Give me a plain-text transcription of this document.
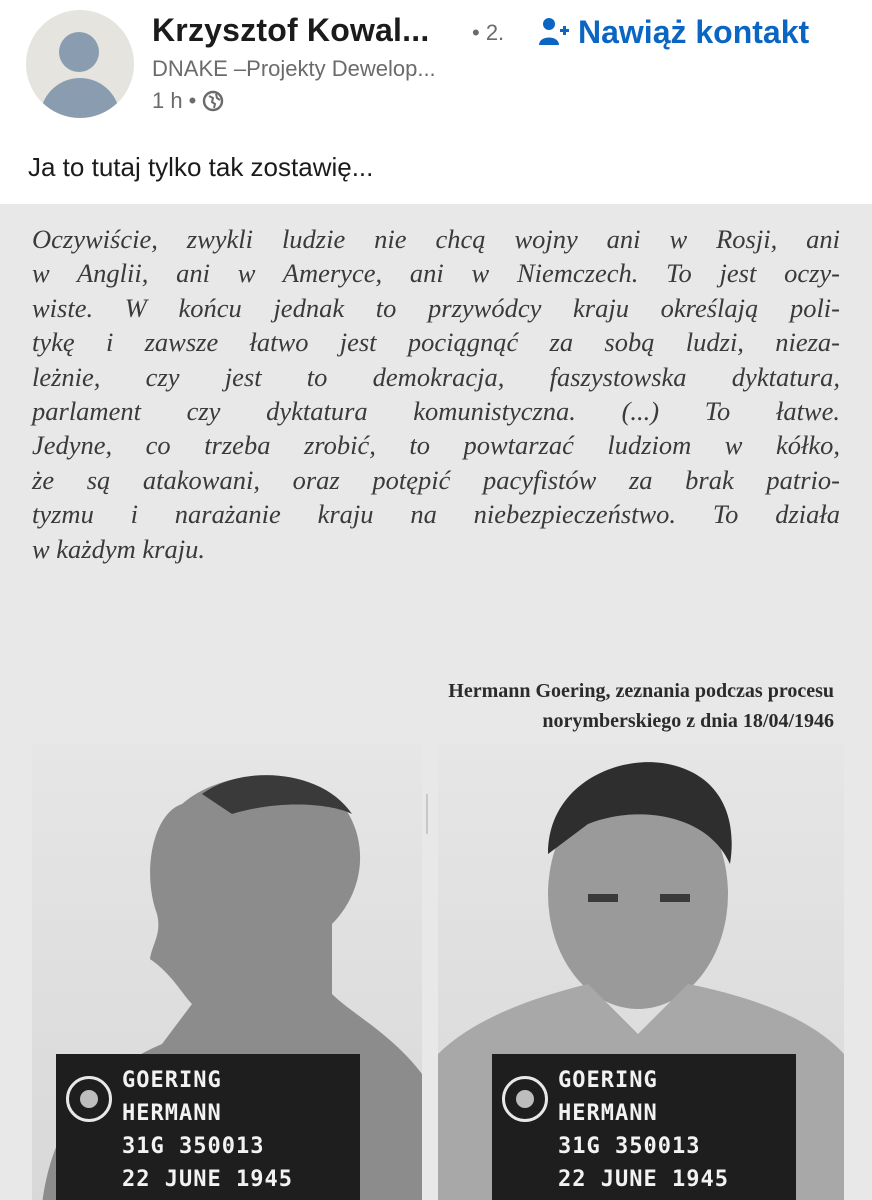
Krzysztof Kowal... • 2. Nawiąż kontakt
DNAKE –Projekty Dewelop...
1 h •
Ja to tutaj tylko tak zostawię...
Oczywiście, zwykli ludzie nie chcą wojny ani w Rosji, ani
w Anglii, ani w Ameryce, ani w Niemczech. To jest oczy-
wiste. W końcu jednak to przywódcy kraju określają poli-
tykę i zawsze łatwo jest pociągnąć za sobą ludzi, nieza-
leżnie, czy jest to demokracja, faszystowska dyktatura,
parlament czy dyktatura komunistyczna. (...) To łatwe.
Jedyne, co trzeba zrobić, to powtarzać ludziom w kółko,
że są atakowani, oraz potępić pacyfistów za brak patrio-
tyzmu i narażanie kraju na niebezpieczeństwo. To działa
w każdym kraju.
Hermann Goering, zeznania podczas procesu
norymberskiego z dnia 18/04/1946
GOERING
HERMANN
31G 350013
22 JUNE 1945
GOERING
HERMANN
31G 350013
22 JUNE 1945
